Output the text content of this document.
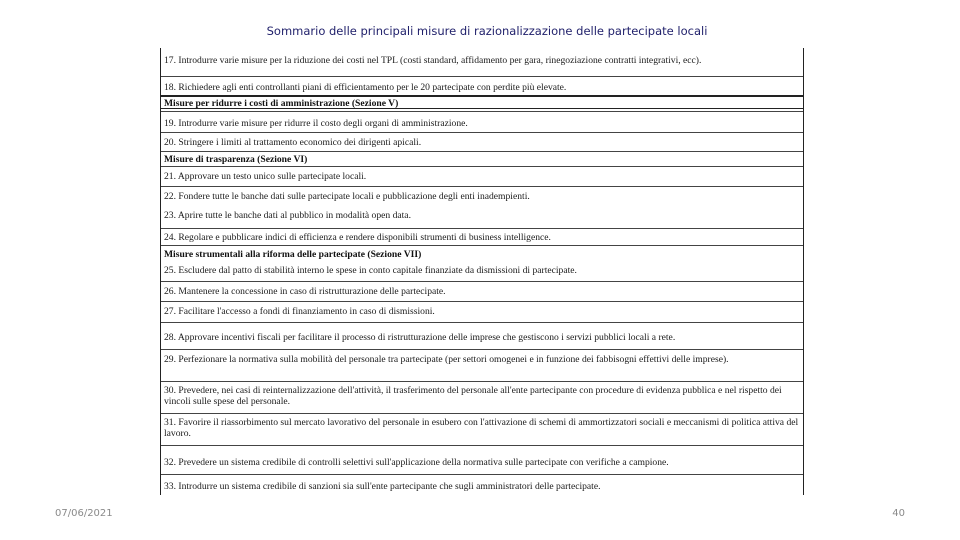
Sommario delle principali misure di razionalizzazione delle partecipate locali
17. Introdurre varie misure per la riduzione dei costi nel TPL (costi standard, affidamento per gara, rinegoziazione contratti integrativi, ecc).
18. Richiedere agli enti controllanti piani di efficientamento per le 20 partecipate con perdite più elevate.
Misure per ridurre i costi di amministrazione (Sezione V)
19. Introdurre varie misure per ridurre il costo degli organi di amministrazione.
20. Stringere i limiti al trattamento economico dei dirigenti apicali.
Misure di trasparenza (Sezione VI)
21. Approvare un testo unico sulle partecipate locali.
22. Fondere tutte le banche dati sulle partecipate locali e pubblicazione degli enti inadempienti.
23. Aprire tutte le banche dati al pubblico in modalità open data.
24. Regolare e pubblicare indici di efficienza e rendere disponibili strumenti di business intelligence.
Misure strumentali alla riforma delle partecipate (Sezione VII)
25. Escludere dal patto di stabilità interno le spese in conto capitale finanziate da dismissioni di partecipate.
26. Mantenere la concessione in caso di ristrutturazione delle partecipate.
27. Facilitare l'accesso a fondi di finanziamento in caso di dismissioni.
28. Approvare incentivi fiscali per facilitare il processo di ristrutturazione delle imprese che gestiscono i servizi pubblici locali a rete.
29. Perfezionare la normativa sulla mobilità del personale tra partecipate (per settori omogenei e in funzione dei fabbisogni effettivi delle imprese).
30. Prevedere, nei casi di reinternalizzazione dell'attività, il trasferimento del personale all'ente partecipante con procedure di evidenza pubblica e nel rispetto dei vincoli sulle spese del personale.
31. Favorire il riassorbimento sul mercato lavorativo del personale in esubero con l'attivazione di schemi di ammortizzatori sociali e meccanismi di politica attiva del lavoro.
32. Prevedere un sistema credibile di controlli selettivi sull'applicazione della normativa sulle partecipate con verifiche a campione.
33. Introdurre un sistema credibile di sanzioni sia sull'ente partecipante che sugli amministratori delle partecipate.
07/06/2021	40
